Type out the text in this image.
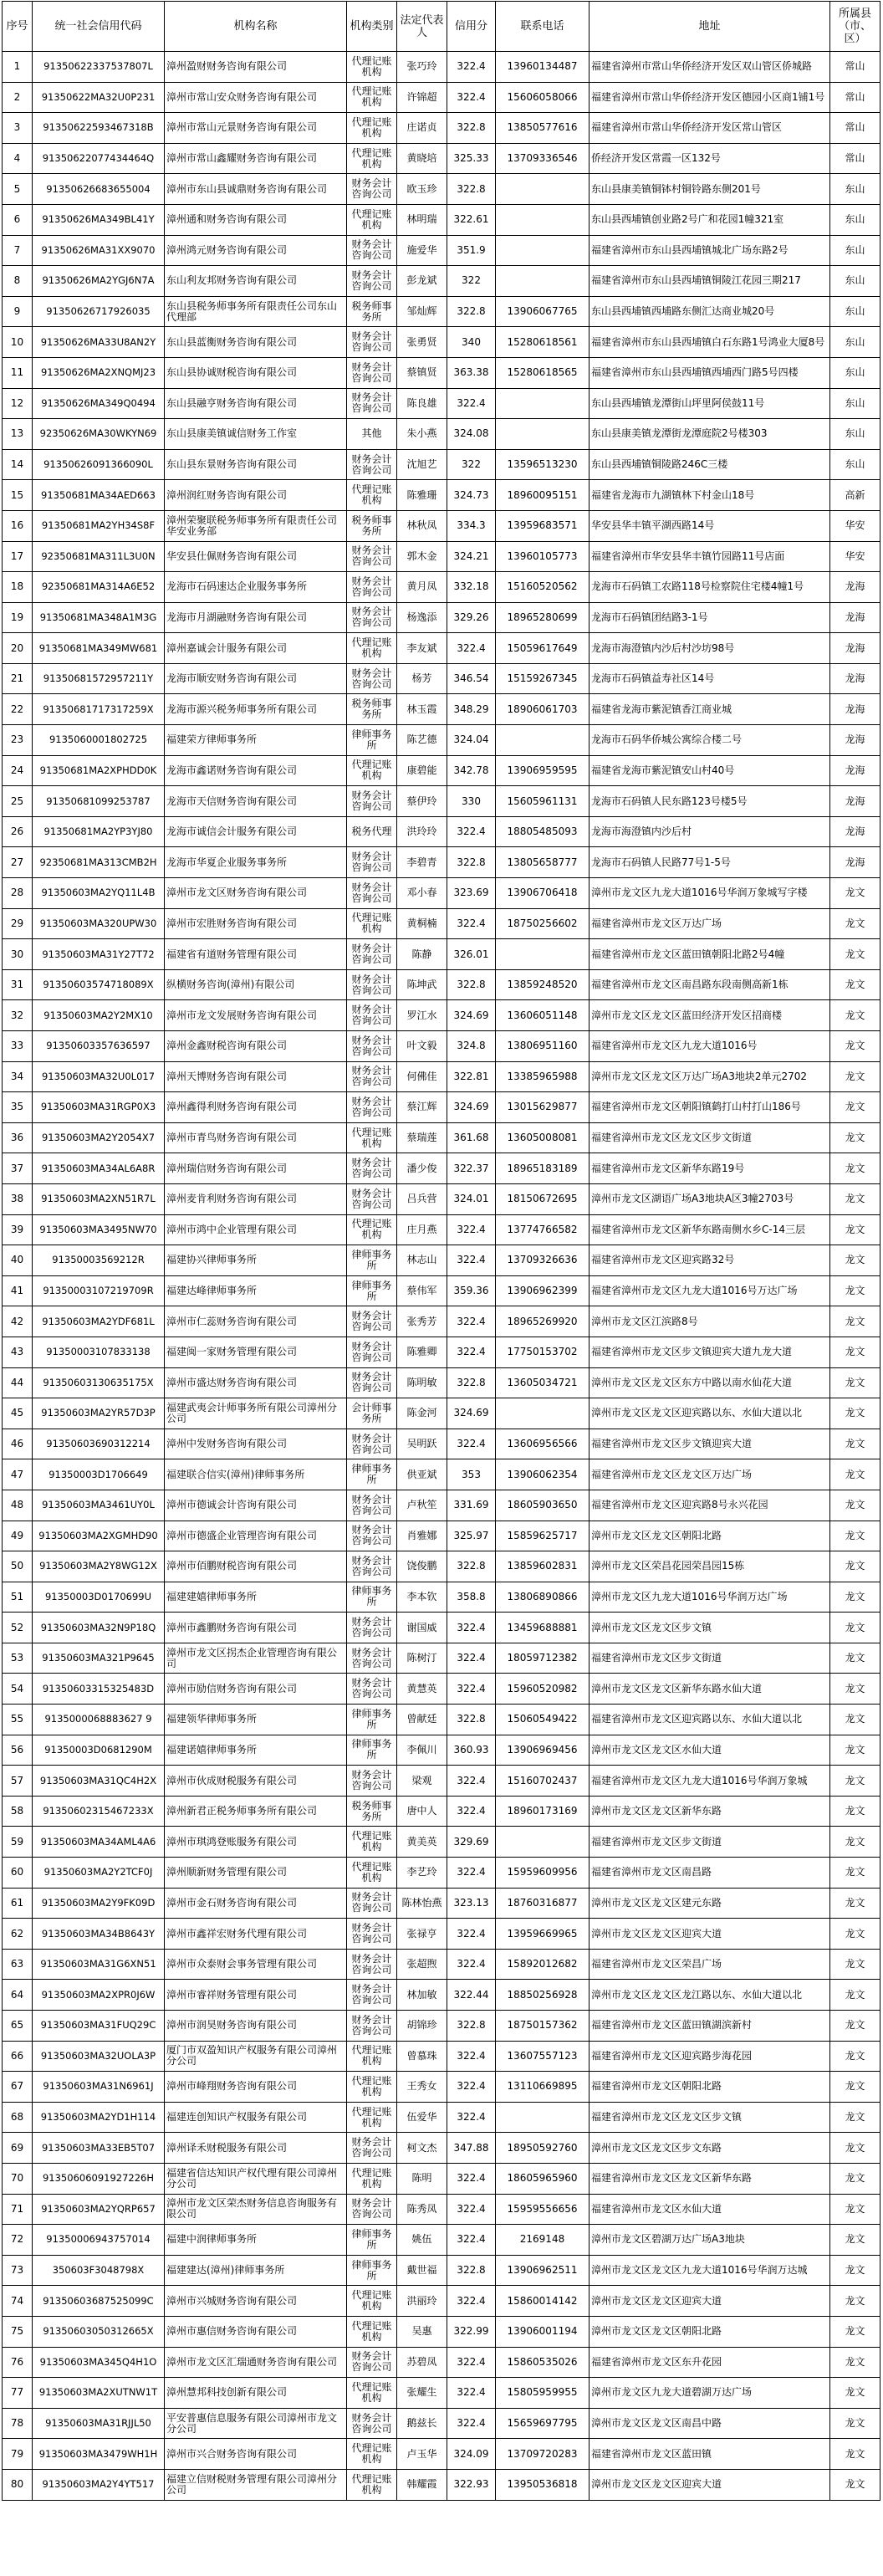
序号	统一社会信用代码	机构名称	机构类别	法定代表人	信用分	联系电话	地址	所属县（市、区）
1	91350622337537807L	漳州盈财财务咨询有限公司	代理记账机构	张巧玲	322.4	13960134487	福建省漳州市常山华侨经济开发区双山管区侨城路	常山
2	91350622MA32U0P231	漳州市常山安众财务咨询有限公司	代理记账机构	许锦超	322.4	15606058066	福建省漳州市常山华侨经济开发区德园小区商1铺1号	常山
3	91350622593467318B	漳州市常山元景财务咨询有限公司	代理记账机构	庄诺贞	322.8	13850577616	福建省漳州市常山华侨经济开发区常山管区	常山
4	91350622077434464Q	漳州市常山鑫耀财务咨询有限公司	代理记账机构	黄晓培	325.33	13709336546	侨经济开发区常霞一区132号	常山
5	91350626683655004	漳州市东山县诚鼎财务咨询有限公司	财务会计咨询公司	欧玉珍	322.8		东山县康美镇铜钵村铜铃路东侧201号	东山
6	91350626MA349BL41Y	漳州通和财务咨询有限公司	代理记账机构	林明瑞	322.61		东山县西埔镇创业路2号广和花园1幢321室	东山
7	91350626MA31XX9070	漳州鸿元财务咨询有限公司	财务会计咨询公司	施爱华	351.9		福建省漳州市东山县西埔镇城北广场东路2号	东山
8	91350626MA2YGJ6N7A	东山利友邦财务咨询有限公司	财务会计咨询公司	彭龙斌	322		福建省漳州市东山县西埔镇铜陵江花园三期217	东山
9	91350626717926035	东山县税务师事务所有限责任公司东山代理部	税务师事务所	邹灿辉	322.8	13906067765	东山县西埔镇西埔路东侧汇达商业城20号	东山
10	91350626MA33U8AN2Y	东山县蓝衡财务咨询有限公司	财务会计咨询公司	张勇贤	340	15280618561	福建省漳州市东山县西埔镇白石东路1号鸿业大厦8号	东山
11	91350626MA2XNQMJ23	东山县协诚财税咨询有限公司	财务会计咨询公司	蔡镇贤	363.38	15280618565	福建省漳州市东山县西埔镇西埔西门路5号四楼	东山
12	91350626MA349Q0494	东山县融亨财务咨询有限公司	财务会计咨询公司	陈良雄	322.4		东山县西埔镇龙潭街山坪里阿侯鼓11号	东山
13	92350626MA30WKYN69	东山县康美镇诚信财务工作室	其他	朱小燕	324.08		东山县康美镇龙潭街龙潭庭院2号楼303	东山
14	91350626091366090L	东山县东景财务咨询有限公司	财务会计咨询公司	沈旭艺	322	13596513230	东山县西埔镇铜陵路246C三楼	东山
15	91350681MA34AED663	漳州润红财务咨询有限公司	代理记账机构	陈雅珊	324.73	18960095151	福建省龙海市九湖镇林下村金山18号	高新
16	91350681MA2YH34S8F	漳州荣聚联税务师事务所有限责任公司华安业务部	税务师事务所	林秋凤	334.3	13959683571	华安县华丰镇平湖西路14号	华安
17	92350681MA311L3U0N	华安县仕佩财务咨询有限公司	财务会计咨询公司	郭木金	324.21	13960105773	福建省漳州市华安县华丰镇竹园路11号店面	华安
18	92350681MA314A6E52	龙海市石码速达企业服务事务所	财务会计咨询公司	黄月凤	332.18	15160520562	龙海市石码镇工农路118号检察院住宅楼4幢1号	龙海
19	91350681MA348A1M3G	龙海市月湖融财务咨询有限公司	财务会计咨询公司	杨逸添	329.26	18965280699	龙海市石码镇团结路3-1号	龙海
20	91350681MA349MW681	漳州嘉诚会计服务有限公司	代理记账机构	李友斌	322.4	15059617649	龙海市海澄镇内沙后村沙坊98号	龙海
21	91350681572957211Y	龙海市顺安财务咨询有限公司	财务会计咨询公司	杨芳	346.54	15159267345	龙海市石码镇益寿社区14号	龙海
22	91350681717317259X	龙海市源兴税务师事务所有限公司	税务师事务所	林玉霞	348.29	18906061703	福建省龙海市紫泥镇香江商业城	龙海
23	9135060001802725	福建荣方律师事务所	律师事务所	陈艺德	324.04		龙海市石码华侨城公寓综合楼二号	龙海
24	91350681MA2XPHDD0K	龙海市鑫诺财务咨询有限公司	代理记账机构	康碧能	342.78	13906959595	福建省龙海市紫泥镇安山村40号	龙海
25	91350681099253787	龙海市天信财务咨询有限公司	财务会计咨询公司	蔡伊玲	330	15605961131	龙海市石码镇人民东路123号楼5号	龙海
26	91350681MA2YP3YJ80	龙海市诚信会计服务有限公司	税务代理	洪玲玲	322.4	18805485093	龙海市海澄镇内沙后村	龙海
27	92350681MA313CMB2H	龙海市华夏企业服务事务所	财务会计咨询公司	李碧青	322.8	13805658777	龙海市石码镇人民路77号1-5号	龙海
28	91350603MA2YQ11L4B	漳州市龙文区财务咨询有限公司	财务会计咨询公司	邓小春	323.69	13906706418	漳州市龙文区九龙大道1016号华润万象城写字楼	龙文
29	91350603MA320UPW30	漳州市宏胜财务咨询有限公司	代理记账机构	黄桐楠	322.4	18750256602	福建省漳州市龙文区万达广场	龙文
30	91350603MA31Y27T72	福建省有道财务管理有限公司	财务会计咨询公司	陈静	326.01		福建省漳州市龙文区蓝田镇朝阳北路2号4幢	龙文
31	91350603574718089X	纵横财务咨询(漳州)有限公司	财务会计咨询公司	陈坤武	322.8	13859248520	福建省漳州市龙文区南昌路东段南侧高新1栋	龙文
32	91350603MA2Y2MX10	漳州市龙文发展财务咨询有限公司	财务会计咨询公司	罗江水	324.69	13606051148	漳州市龙文区龙文区蓝田经济开发区招商楼	龙文
33	91350603357636597	漳州金鑫财税咨询有限公司	财务会计咨询公司	叶文毅	324.8	13806951160	福建省漳州市龙文区九龙大道1016号	龙文
34	91350603MA32U0L017	漳州天博财务咨询有限公司	财务会计咨询公司	何佛佳	322.81	13385965988	漳州市龙文区龙文区万达广场A3地块2单元2702	龙文
35	91350603MA31RGP0X3	漳州鑫得利财务咨询有限公司	财务会计咨询公司	蔡江辉	324.69	13015629877	福建省漳州市龙文区朝阳镇鹤打山村打山186号	龙文
36	91350603MA2Y2054X7	漳州市青鸟财务咨询有限公司	代理记账机构	蔡瑞莲	361.68	13605008081	福建省漳州市龙文区龙文区步文街道	龙文
37	91350603MA34AL6A8R	漳州瑞信财务咨询有限公司	财务会计咨询公司	潘少俊	322.37	18965183189	福建省漳州市龙文区新华东路19号	龙文
38	91350603MA2XN51R7L	漳州麦肯利财务咨询有限公司	财务会计咨询公司	吕兵营	324.01	18150672695	漳州市龙文区湖语广场A3地块A区3幢2703号	龙文
39	91350603MA3495NW70	漳州市鸿中企业管理有限公司	代理记账机构	庄月燕	322.4	13774766582	福建省漳州市龙文区新华东路南侧水乡C-14三层	龙文
40	91350003569212R	福建协兴律师事务所	律师事务所	林志山	322.4	13709326636	福建省漳州市龙文区迎宾路32号	龙文
41	91350003107219709R	福建达峰律师事务所	律师事务所	蔡伟军	359.36	13906962399	福建省漳州市龙文区九龙大道1016号万达广场	龙文
42	91350603MA2YDF681L	漳州市仁蕊财务咨询有限公司	财务会计咨询公司	张秀芳	322.4	18965269920	漳州市龙文区江滨路8号	龙文
43	91350003107833138	福建闽一家财务管理有限公司	财务会计咨询公司	陈雅卿	322.4	17750153702	福建省漳州市龙文区步文镇迎宾大道九龙大道	龙文
44	91350603130635175X	漳州市盛达财务咨询有限公司	财务会计咨询公司	陈明敏	322.8	13605034721	漳州市龙文区龙文区东方中路以南水仙花大道	龙文
45	91350603MA2YR57D3P	福建武夷会计师事务所有限公司漳州分公司	会计师事务所	陈金河	324.69		漳州市龙文区龙文区迎宾路以东、水仙大道以北	龙文
46	91350603690312214	漳州中发财务咨询有限公司	财务会计咨询公司	吴明跃	322.4	13606956566	福建省漳州市龙文区步文镇迎宾大道	龙文
47	91350003D1706649	福建联合信实(漳州)律师事务所	律师事务所	供亚斌	353	13906062354	福建省漳州市龙文区龙文区万达广场	龙文
48	91350603MA3461UY0L	漳州市德诚会计咨询有限公司	财务会计咨询公司	卢秋笙	331.69	18605903650	福建省漳州市龙文区迎宾路8号永兴花园	龙文
49	91350603MA2XGMHD90	漳州市德盛企业管理咨询有限公司	财务会计咨询公司	肖雅娜	325.97	15859625717	漳州市龙文区龙文区朝阳北路	龙文
50	91350603MA2Y8WG12X	漳州市佰鹏财税咨询有限公司	财务会计咨询公司	饶俊鹏	322.8	13859602831	漳州市龙文区荣昌花园荣昌园15栋	龙文
51	91350003D0170699U	福建建嬉律师事务所	律师事务所	李本钦	358.8	13806890866	漳州市龙文区九龙大道1016号华润万达广场	龙文
52	91350603MA32N9P18Q	漳州市鑫鹏财务咨询有限公司	财务会计咨询公司	谢国威	322.4	13459688881	漳州市龙文区龙文区步文镇	龙文
53	91350603MA321P9645	漳州市龙文区拐杰企业管理咨询有限公司	财务会计咨询公司	陈树汀	322.4	18059712382	福建省漳州市龙文区步文街道	龙文
54	91350603315325483D	漳州市励信财务咨询有限公司	财务会计咨询公司	黄慧英	322.4	15960520982	漳州市龙文区龙文区新华东路水仙大道	龙文
55	9135000068883627 9	福建领华律师事务所	律师事务所	曾献廷	322.8	15060549422	福建省漳州市龙文区迎宾路以东、水仙大道以北	龙文
56	91350003D0681290M	福建诺嬉律师事务所	律师事务所	李佩川	360.93	13906969456	漳州市龙文区龙文区水仙大道	龙文
57	91350603MA31QC4H2X	漳州市伙成财税服务有限公司	财务会计咨询公司	梁观	322.4	15160702437	福建省漳州市龙文区九龙大道1016号华润万象城	龙文
58	91350602315467233X	漳州新君正税务师事务所有限公司	税务师事务所	唐中人	322.4	18960173169	漳州市龙文区龙文区新华东路	龙文
59	91350603MA34AML4A6	漳州市琪鸿登账服务有限公司	代理记账机构	黄美英	329.69		福建省漳州市龙文区步文街道	龙文
60	91350603MA2Y2TCF0J	漳州顺新财务管理有限公司	代理记账机构	李艺玲	322.4	15959609956	福建省漳州市龙文区南昌路	龙文
61	91350603MA2Y9FK09D	漳州市金石财务咨询有限公司	财务会计咨询公司	陈林怡燕	323.13	18760316877	漳州市龙文区龙文区建元东路	龙文
62	91350603MA34B8643Y	漳州市鑫祥宏财务代理有限公司	财务会计咨询公司	张禄亨	322.4	13959669965	漳州市龙文区龙文区迎宾大道	龙文
63	91350603MA31G6XN51	漳州市众泰财会事务管理有限公司	财务会计咨询公司	张超煦	322.4	15892012682	福建省漳州市龙文区荣昌广场	龙文
64	91350603MA2XPR0J6W	漳州市睿祥财务管理有限公司	财务会计咨询公司	林加敏	322.44	18850256928	漳州市龙文区龙文区龙江路以东、水仙大道以北	龙文
65	91350603MA31FUQ29C	漳州市润昊财务咨询有限公司	财务会计咨询公司	胡锦珍	322.8	18750157362	福建省漳州市龙文区蓝田镇湖滨新村	龙文
66	91350603MA32UOLA3P	厦门市双盈知识产权服务有限公司漳州分公司	代理记账机构	曾慕珠	322.4	13607557123	福建省漳州市龙文区迎宾路步海花园	龙文
67	91350603MA31N6961J	漳州市峰翔财务咨询有限公司	代理记账机构	王秀女	322.4	13110669895	福建省漳州市龙文区朝阳北路	龙文
68	91350603MA2YD1H114	福建连创知识产权服务有限公司	代理记账机构	伍爱华	322.4		福建省漳州市龙文区龙文区步文镇	龙文
69	91350603MA33EB5T07	漳州译禾财税服务有限公司	财务会计咨询公司	柯文杰	347.88	18950592760	漳州市龙文区龙文区步文东路	龙文
70	91350606091927226H	福建省信达知识产权代理有限公司漳州分公司	代理记账机构	陈明	322.4	18605965960	福建省漳州市龙文区龙文区新华东路	龙文
71	91350603MA2YQRP657	漳州市龙文区荣杰财务信息咨询服务有限公司	财务会计咨询公司	陈秀凤	322.4	15959556656	福建省漳州市龙文区水仙大道	龙文
72	91350006943757014	福建中润律师事务所	律师事务所	姚伍	322.4	2169148	漳州市龙文区碧湖万达广场A3地块	龙文
73	350603F3048798X	福建建达(漳州)律师事务所	律师事务所	戴世福	322.8	13906962511	漳州市龙文区龙文区九龙大道1016号华润万达城	龙文
74	91350603687525099C	漳州市兴城财务咨询有限公司	代理记账机构	洪丽玲	322.4	15860014142	漳州市龙文区龙文区迎宾大道	龙文
75	91350603050312665X	漳州市惠信财务咨询有限公司	代理记账机构	吴惠	322.99	13906001194	漳州市龙文区龙文区朝阳北路	龙文
76	91350603MA345Q4H1O	漳州市龙文区汇瑞通财务咨询有限公司	财务会计咨询公司	苏碧凤	322.4	15860535026	福建省漳州市龙文区东升花园	龙文
77	91350603MA2XUTNW1T	漳州慧邦科技创新有限公司	代理记账机构	张耀生	322.4	15805959955	漳州市龙文区九龙大道碧湖万达广场	龙文
78	91350603MA31RJJL50	平安普惠信息服务有限公司漳州市龙文分公司	财务会计咨询公司	鹅兹长	322.4	15659697795	漳州市龙文区龙文区南昌中路	龙文
79	91350603MA3479WH1H	漳州市兴合财务咨询有限公司	代理记账机构	卢玉华	324.09	13709720283	福建省漳州市龙文区蓝田镇	龙文
80	91350603MA2Y4YT517	福建立信财税财务管理有限公司漳州分公司	代理记账机构	韩耀霞	322.93	13950536818	漳州市龙文区龙文区迎宾大道	龙文
